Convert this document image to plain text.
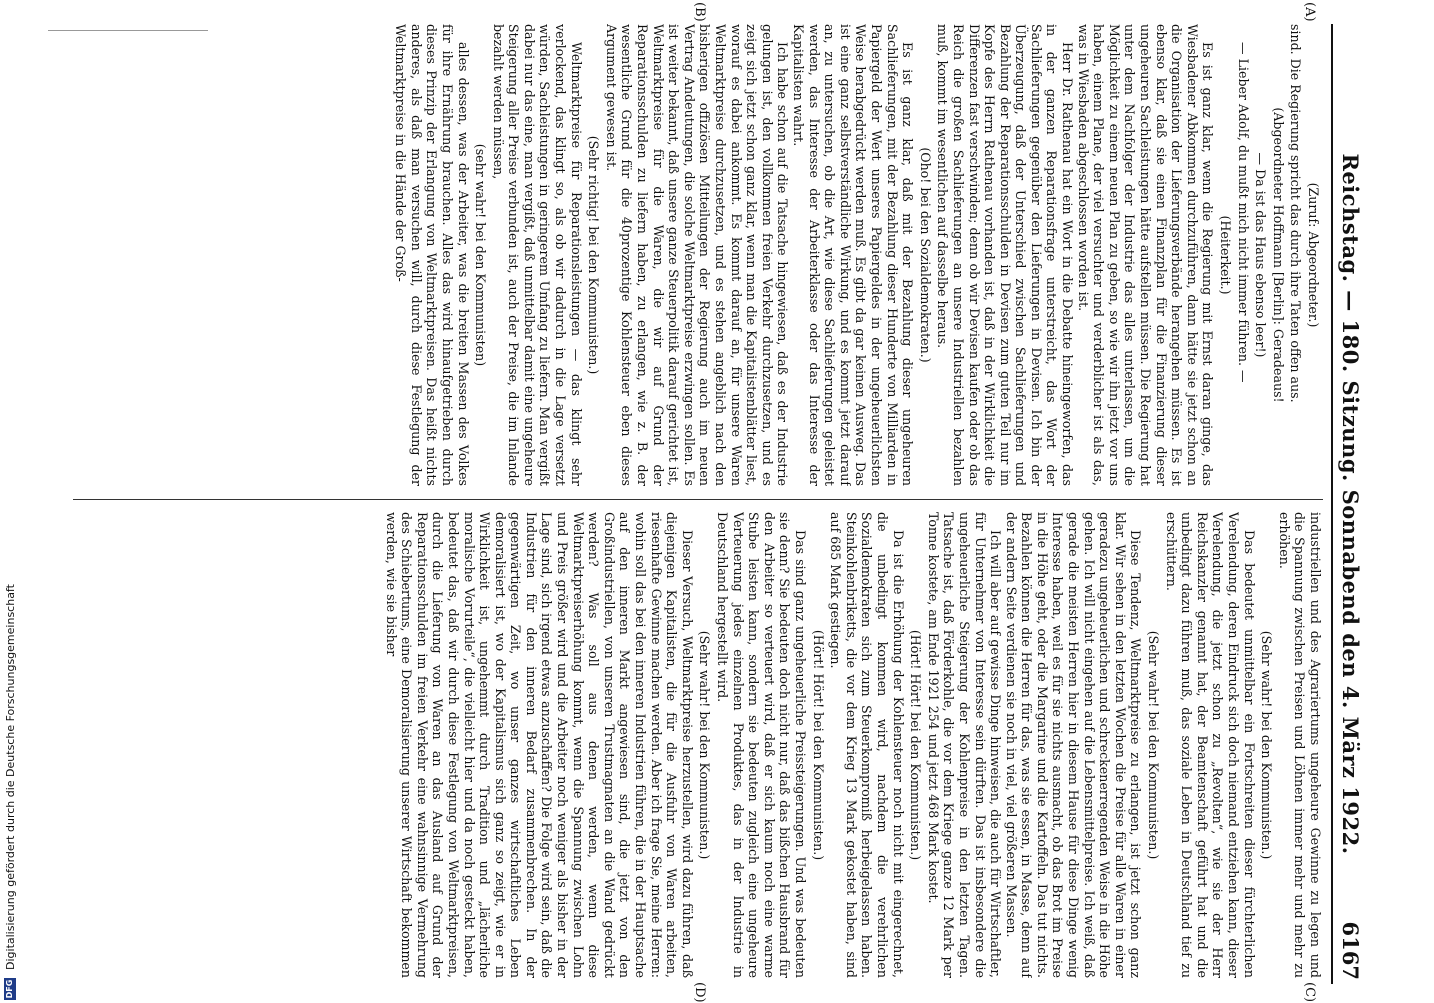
Reichstag. — 180. Sitzung. Sonnabend den 4. März 1922.
6167

(Zuruf: Abgeordneter.)

sind. Die Regierung spricht das durch ihre Taten offen aus.

(Abgeordneter Hoffmann [Berlin]: Geradeaus!

— Da ist das Haus ebenso leer!)

— Lieber Adolf, du mußt mich nicht immer führen. —

(Heiterkeit.)

Es ist ganz klar, wenn die Regierung mit Ernst daran ginge, das Wiesbadener Abkommen durchzuführen, dann hätte sie jetzt schon an die Organisation der Lieferungsverbände herangehen müssen. Es ist ebenso klar, daß sie einen Finanzplan für die Finanzierung dieser ungeheuren Sachleistungen hätte aufstellen müssen. Die Regierung hat unter dem Nachfolger der Industrie das alles unterlassen, um die Möglichkeit zu einem neuen Plan zu geben, so wie wir ihn jetzt vor uns haben, einem Plane, der viel versuchter und verderblicher ist als das, was in Wiesbaden abgeschlossen worden ist.

Herr Dr. Rathenau hat ein Wort in die Debatte hineingeworfen, das in der ganzen Reparationsfrage unterstreicht, das Wort der Sachlieferungen gegenüber den Lieferungen in Devisen. Ich bin der Überzeugung, daß der Unterschied zwischen Sachlieferungen und Bezahlung der Reparationsschulden in Devisen zum guten Teil nur im Kopfe des Herrn Rathenau vorhanden ist, daß in der Wirklichkeit die Differenzen fast verschwinden; denn ob wir Devisen kaufen oder ob das Reich die großen Sachlieferungen an unsere Industriellen bezahlen muß, kommt im wesentlichen auf dasselbe heraus.

(Oho! bei den Sozialdemokraten.)

Es ist ganz klar, daß mit der Bezahlung dieser ungeheuren Sachlieferungen, mit der Bezahlung dieser Hunderte von Milliarden in Papiergeld der Wert unseres Papiergeldes in der ungeheuerlichsten Weise herabgedrückt werden muß. Es gibt da gar keinen Ausweg. Das ist eine ganz selbstverständliche Wirkung, und es kommt jetzt darauf an, zu untersuchen, ob die Art, wie diese Sachlieferungen geleistet werden, das Interesse der Arbeiterklasse oder das Interesse der Kapitalisten wahrt.

Ich habe schon auf die Tatsache hingewiesen, daß es der Industrie gelungen ist, den vollkommen freien Verkehr durchzusetzen, und es zeigt sich jetzt schon ganz klar, wenn man die Kapitalistenblätter liest, worauf es dabei ankommt. Es kommt darauf an, für unsere Waren Weltmarktpreise durchzusetzen, und es stehen angeblich nach den bisherigen offiziösen Mitteilungen der Regierung auch im neuen Vertrag Andeutungen, die solche Weltmarktpreise erzwingen sollen. Es ist weiter bekannt, daß unsere ganze Steuerpolitik darauf gerichtet ist, Weltmarktpreise für die Waren, die wir auf Grund der Reparationsschulden zu liefern haben, zu erlangen, wie z. B. der wesentliche Grund für die 40prozentige Kohlensteuer eben dieses Argument gewesen ist.

(Sehr richtig! bei den Kommunisten.)

Weltmarktpreise für Reparationsleistungen — das klingt sehr verlockend, das klingt so, als ob wir dadurch in die Lage versetzt würden, Sachleistungen in geringerem Umfang zu liefern. Man vergißt dabei nur das eine, man vergißt, daß unmittelbar damit eine ungeheure Steigerung aller Preise verbunden ist, auch der Preise, die im Inlande bezahlt werden müssen,

(sehr wahr! bei den Kommunisten)

alles dessen, was der Arbeiter, was die breiten Massen des Volkes für ihre Ernährung brauchen. Alles das wird hinaufgetrieben durch dieses Prinzip der Erlangung von Weltmarktpreisen. Das heißt nichts anderes, als daß man versuchen will, durch diese Festlegung der Weltmarktpreise in die Hände der Groß-

industriellen und des Agrariertums ungeheure Gewinne zu legen und die Spannung zwischen Preisen und Löhnen immer mehr und mehr zu erhöhen.

(Sehr wahr! bei den Kommunisten.)

Das bedeutet unmittelbar ein Fortschreiten dieser fürchterlichen Verelendung, deren Eindruck sich doch niemand entziehen kann, dieser Verelendung, die jetzt schon zu „Revolten“, wie sie der Herr Reichskanzler genannt hat, der Beamtenschaft geführt hat und die unbedingt dazu führen muß, das soziale Leben in Deutschland tief zu erschüttern.

(Sehr wahr! bei den Kommunisten.)

Diese Tendenz, Weltmarktpreise zu erlangen, ist jetzt schon ganz klar. Wir sehen in den letzten Wochen die Preise für alle Waren in einer geradezu ungeheuerlichen und schreckenerregenden Weise in die Höhe gehen. Ich will nicht eingehen auf die Lebensmittelpreise. Ich weiß, daß gerade die meisten Herren hier in diesem Hause für diese Dinge wenig Interesse haben, weil es für sie nichts ausmacht, ob das Brot im Preise in die Höhe geht, oder die Margarine und die Kartoffeln. Das tut nichts. Bezahlen können die Herren für das, was sie essen, in Masse, denn auf der andern Seite verdienen sie noch in viel, viel größeren Massen.

Ich will aber auf gewisse Dinge hinweisen, die auch für Wirtschaftler, für Unternehmer von Interesse sein dürften. Das ist insbesondere die ungeheuerliche Steigerung der Kohlenpreise in den letzten Tagen. Tatsache ist, daß Förderkohle, die vor dem Kriege ganze 12 Mark per Tonne kostete, am Ende 1921 254 und jetzt 468 Mark kostet.

(Hört! Hört! bei den Kommunisten.)

Da ist die Erhöhung der Kohlensteuer noch nicht mit eingerechnet, die unbedingt kommen wird, nachdem die verehrlichen Sozialdemokraten sich zum Steuerkompromiß herbeigelassen haben. Steinkohlenbriketts, die vor dem Krieg 13 Mark gekostet haben, sind auf 685 Mark gestiegen.

(Hört! Hört! bei den Kommunisten.)

Das sind ganz ungeheuerliche Preissteigerungen. Und was bedeuten sie denn? Sie bedeuten doch nicht nur, daß das bißchen Hausbrand für den Arbeiter so verteuert wird, daß er sich kaum noch eine warme Stube leisten kann, sondern sie bedeuten zugleich eine ungeheure Verteuerung jedes einzelnen Produktes, das in der Industrie in Deutschland hergestellt wird.

(Sehr wahr! bei den Kommunisten.)

Dieser Versuch, Weltmarktpreise herzustellen, wird dazu führen, daß diejenigen Kapitalisten, die für die Ausfuhr von Waren arbeiten, riesenhafte Gewinne machen werden. Aber ich frage Sie, meine Herren: wohin soll das bei den inneren Industrien führen, die in der Hauptsache auf den inneren Markt angewiesen sind, die jetzt von den Großindustriellen, von unseren Trustmagnaten an die Wand gedrückt werden? Was soll aus denen werden, wenn diese Weltmarktpreiserhöhung kommt, wenn die Spannung zwischen Lohn und Preis größer wird und die Arbeiter noch weniger als bisher in der Lage sind, sich irgend etwas anzuschaffen? Die Folge wird sein, daß die Industrien für den inneren Bedarf zusammenbrechen. In der gegenwärtigen Zeit, wo unser ganzes wirtschaftliches Leben demoralisiert ist, wo der Kapitalismus sich ganz so zeigt, wie er in Wirklichkeit ist, ungehemmt durch Tradition und „lächerliche moralische Vorurteile“, die vielleicht hier und da noch gesteckt haben, bedeutet das, daß wir durch diese Festlegung von Weltmarktpreisen, durch die Lieferung von Waren an das Ausland auf Grund der Reparationsschulden im freien Verkehr eine wahnsinnige Vermehrung des Schiebertums, eine Demoralisierung unserer Wirtschaft bekommen werden, wie sie bisher

(A)
(B)
(C)
(D)
DFG
Digitalisierung gefördert durch die Deutsche Forschungsgemeinschaft
